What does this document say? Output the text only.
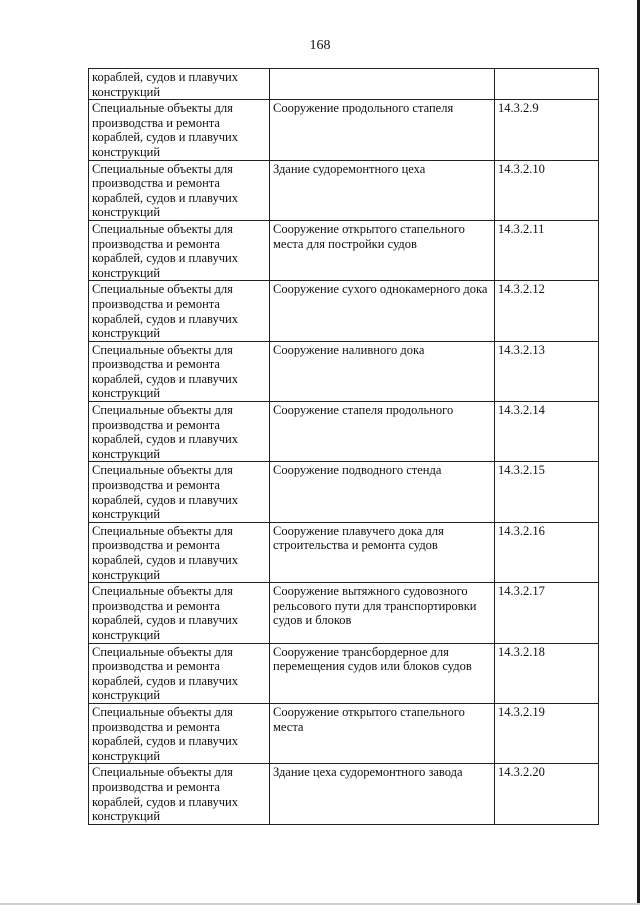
168
кораблей, судов и плавучих конструкций		
Специальные объекты для производства и ремонта кораблей, судов и плавучих конструкций	Сооружение продольного стапеля	14.3.2.9
Специальные объекты для производства и ремонта кораблей, судов и плавучих конструкций	Здание судоремонтного цеха	14.3.2.10
Специальные объекты для производства и ремонта кораблей, судов и плавучих конструкций	Сооружение открытого стапельного места для постройки судов	14.3.2.11
Специальные объекты для производства и ремонта кораблей, судов и плавучих конструкций	Сооружение сухого однокамерного дока	14.3.2.12
Специальные объекты для производства и ремонта кораблей, судов и плавучих конструкций	Сооружение наливного дока	14.3.2.13
Специальные объекты для производства и ремонта кораблей, судов и плавучих конструкций	Сооружение стапеля продольного	14.3.2.14
Специальные объекты для производства и ремонта кораблей, судов и плавучих конструкций	Сооружение подводного стенда	14.3.2.15
Специальные объекты для производства и ремонта кораблей, судов и плавучих конструкций	Сооружение плавучего дока для строительства и ремонта судов	14.3.2.16
Специальные объекты для производства и ремонта кораблей, судов и плавучих конструкций	Сооружение вытяжного судовозного рельсового пути для транспортировки судов и блоков	14.3.2.17
Специальные объекты для производства и ремонта кораблей, судов и плавучих конструкций	Сооружение трансбордерное для перемещения судов или блоков судов	14.3.2.18
Специальные объекты для производства и ремонта кораблей, судов и плавучих конструкций	Сооружение открытого стапельного места	14.3.2.19
Специальные объекты для производства и ремонта кораблей, судов и плавучих конструкций	Здание цеха судоремонтного завода	14.3.2.20
